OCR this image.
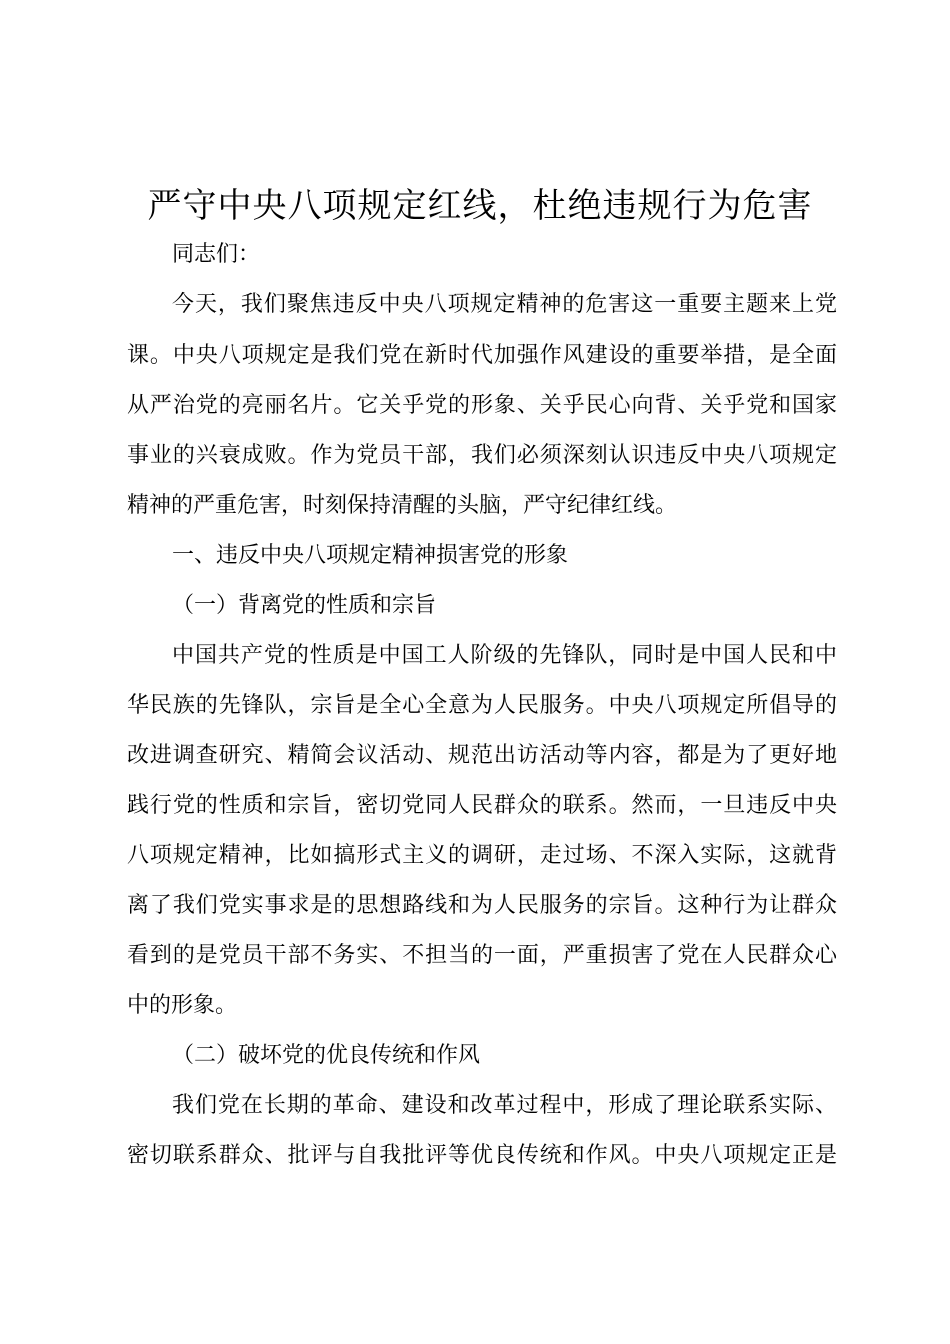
严守中央八项规定红线，杜绝违规行为危害
同志们：
今天，我们聚焦违反中央八项规定精神的危害这一重要主题来上党
课。中央八项规定是我们党在新时代加强作风建设的重要举措，是全面
从严治党的亮丽名片。它关乎党的形象、关乎民心向背、关乎党和国家
事业的兴衰成败。作为党员干部，我们必须深刻认识违反中央八项规定
精神的严重危害，时刻保持清醒的头脑，严守纪律红线。
一、违反中央八项规定精神损害党的形象
（一）背离党的性质和宗旨
中国共产党的性质是中国工人阶级的先锋队，同时是中国人民和中
华民族的先锋队，宗旨是全心全意为人民服务。中央八项规定所倡导的
改进调查研究、精简会议活动、规范出访活动等内容，都是为了更好地
践行党的性质和宗旨，密切党同人民群众的联系。然而，一旦违反中央
八项规定精神，比如搞形式主义的调研，走过场、不深入实际，这就背
离了我们党实事求是的思想路线和为人民服务的宗旨。这种行为让群众
看到的是党员干部不务实、不担当的一面，严重损害了党在人民群众心
中的形象。
（二）破坏党的优良传统和作风
我们党在长期的革命、建设和改革过程中，形成了理论联系实际、
密切联系群众、批评与自我批评等优良传统和作风。中央八项规定正是
